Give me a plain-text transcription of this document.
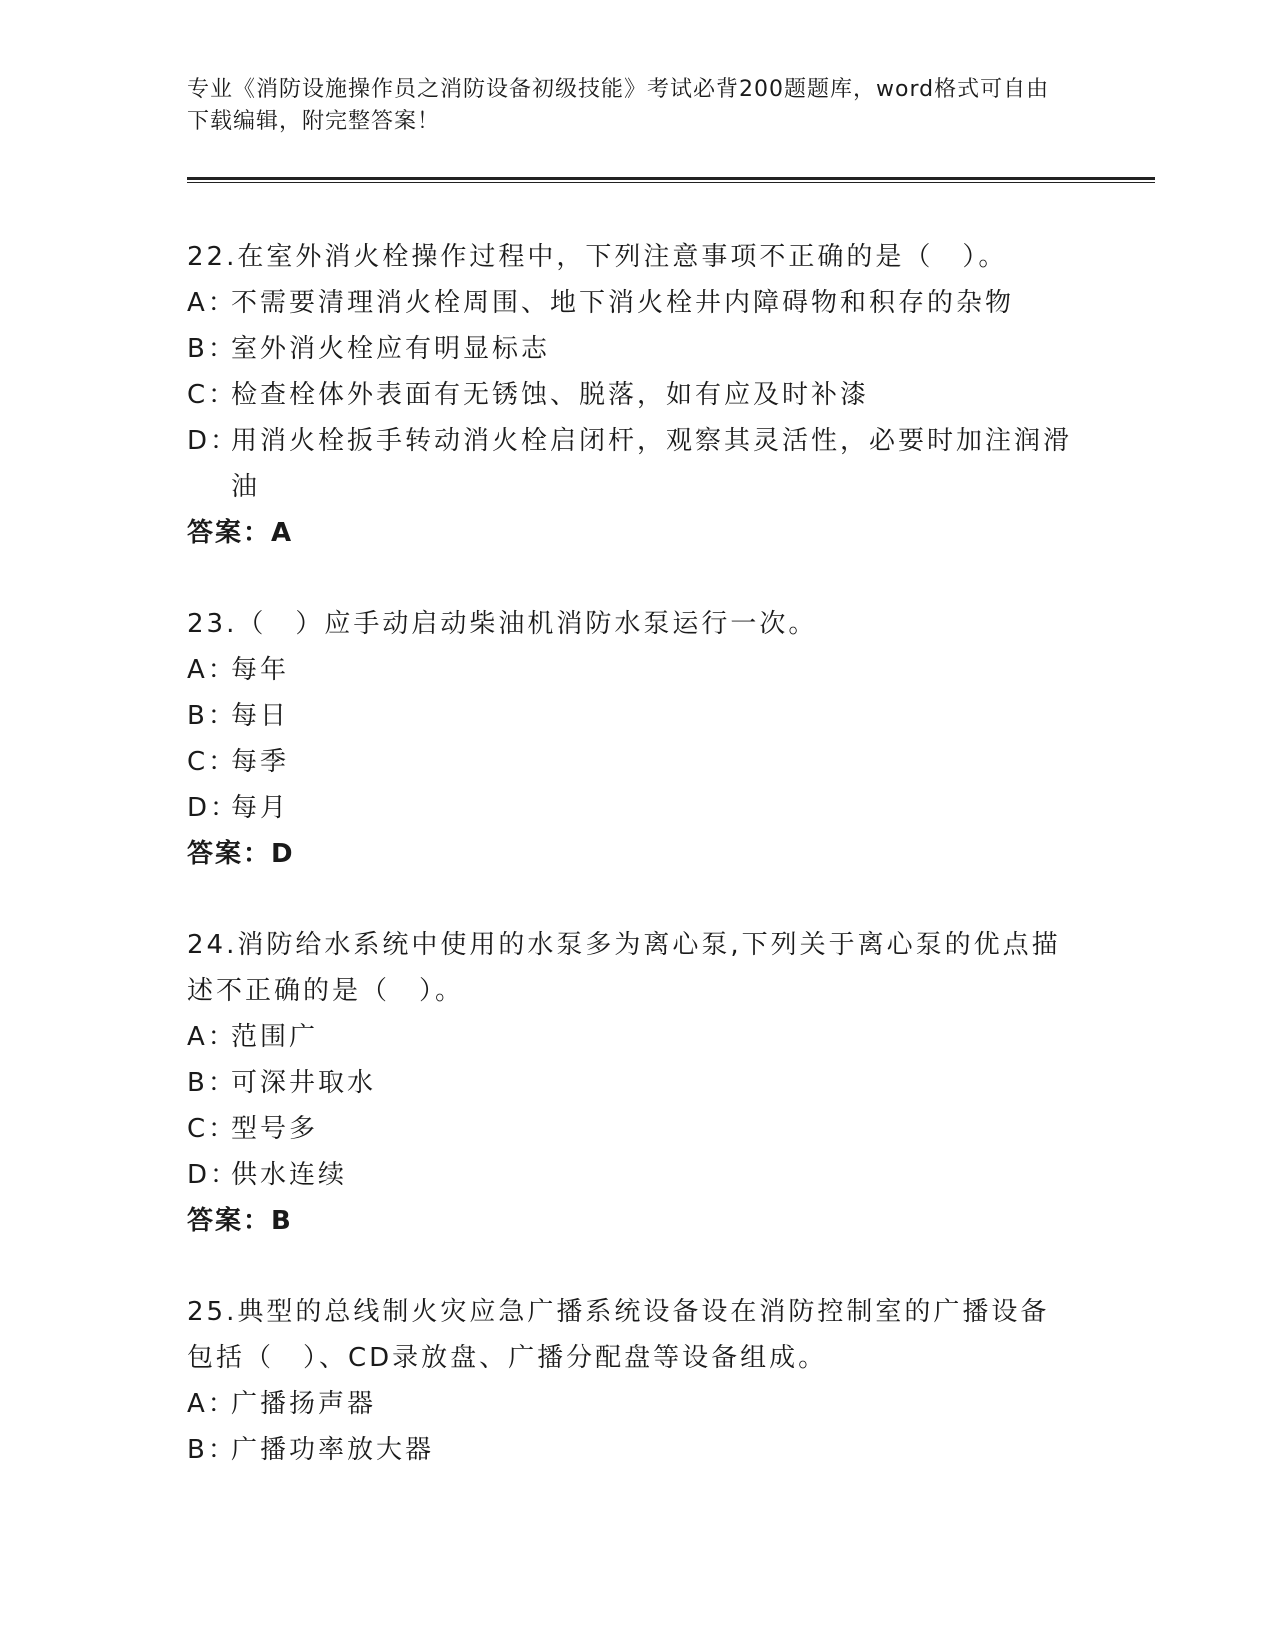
专业《消防设施操作员之消防设备初级技能》考试必背200题题库，word格式可自由下载编辑，附完整答案！
22.在室外消火栓操作过程中，下列注意事项不正确的是（　）。
A：
不需要清理消火栓周围、地下消火栓井内障碍物和积存的杂物
B：
室外消火栓应有明显标志
C：
检查栓体外表面有无锈蚀、脱落，如有应及时补漆
D：
用消火栓扳手转动消火栓启闭杆，观察其灵活性，必要时加注润滑油
答案：A
23.（　）应手动启动柴油机消防水泵运行一次。
A：
每年
B：
每日
C：
每季
D：
每月
答案：D
24.消防给水系统中使用的水泵多为离心泵,下列关于离心泵的优点描述不正确的是（　）。
A：
范围广
B：
可深井取水
C：
型号多
D：
供水连续
答案：B
25.典型的总线制火灾应急广播系统设备设在消防控制室的广播设备包括（　）、CD录放盘、广播分配盘等设备组成。
A：
广播扬声器
B：
广播功率放大器
